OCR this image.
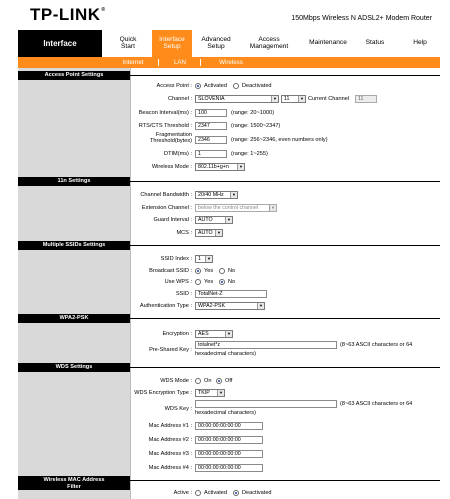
TP-LINK®
150Mbps Wireless N ADSL2+ Modem Router
Interface	Quick
Start
Interface
Setup
Advanced
Setup
Access
Management	Maintenance	Status	Help
Internet	LAN	Wireless
Access Point Settings
Access Point : Activated	Deactivated
Channel :	SLOVENIA	▼	11	▼ Current Channel	11
Beacon Interval(ms) :	100	(range: 20~1000)
RTS/CTS Threshold :	2347	(range: 1500~2347)
Fragmentation
Threshold(bytes)	2346	(range: 256~2346, even numbers only)
DTIM(ms) :	1	(range: 1~255)
Wireless Mode :	802.11b+g+n	▼
11n Settings
Channel Bandwidth :	20/40 MHz	▼
Extension Channel :	below the control channel	▼
Guard Interval :	AUTO	▼
MCS :	AUTO	▼
Multiple SSIDs Settings
SSID Index :	1	▼
Broadcast SSID : Yes	No
Use WPS : Yes	No
SSID :	TotalNet-Z
Authentication Type :	WPA2-PSK	▼
WPA2-PSK
Encryption :	AES	▼
Pre-Shared Key :
totalnet*z	(8~63 ASCII characters or 64
hexadecimal characters)
WDS Settings
WDS Mode : On Off
WDS Encryption Type :	TKIP	▼
WDS Key :
(8~63 ASCII characters or 64
hexadecimal characters)
Mac Address #1 :	00:00:00:00:00:00
Mac Address #2 :	00:00:00:00:00:00
Mac Address #3 :	00:00:00:00:00:00
Mac Address #4 :	00:00:00:00:00:00
Wireless MAC Address
Filter
Active : Activated	Deactivated
